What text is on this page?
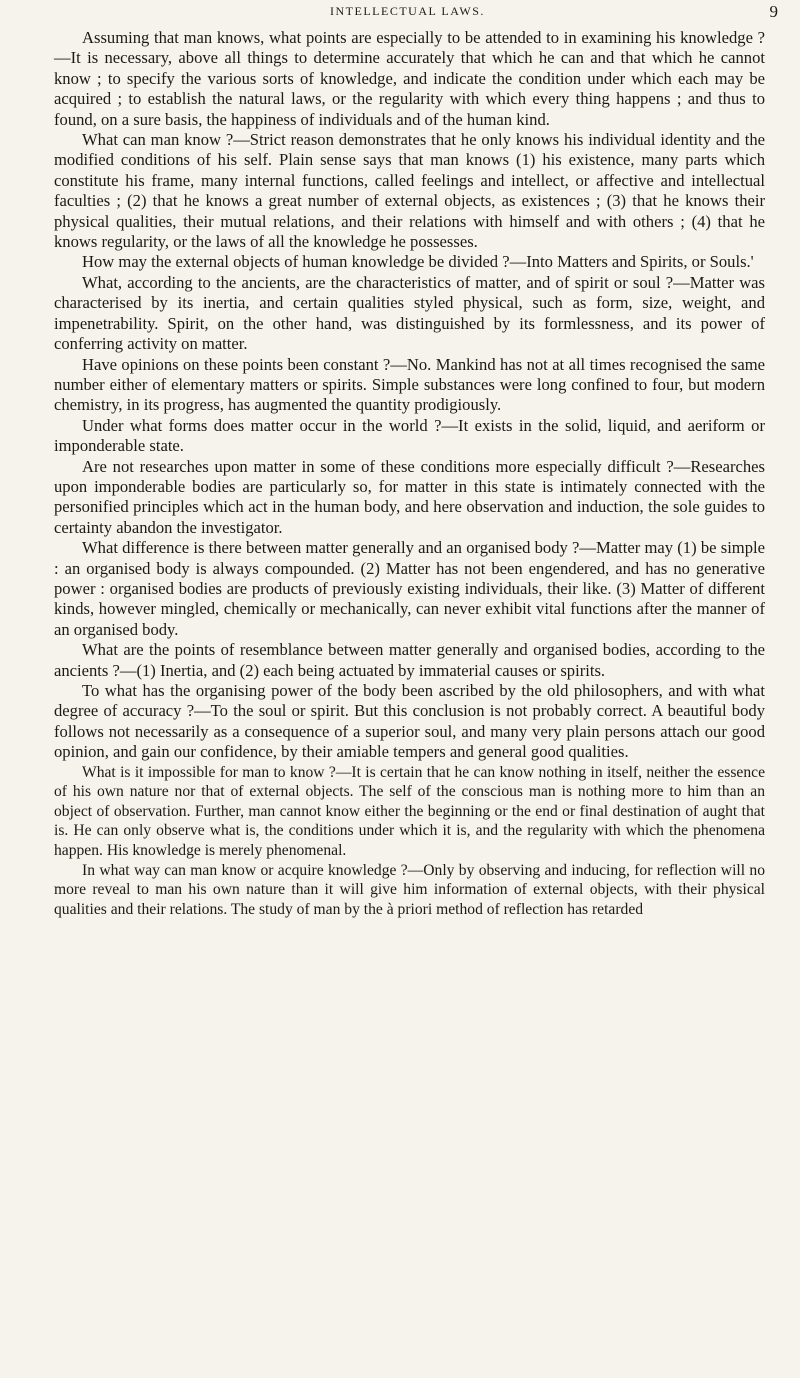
INTELLECTUAL LAWS.	9

Assuming that man knows, what points are especially to be attended to in examining his knowledge ?—It is necessary, above all things to determine accurately that which he can and that which he cannot know ; to specify the various sorts of knowledge, and indicate the condition under which each may be acquired ; to establish the natural laws, or the regularity with which every thing happens ; and thus to found, on a sure basis, the happiness of individuals and of the human kind.

What can man know ?—Strict reason demonstrates that he only knows his individual identity and the modified conditions of his self. Plain sense says that man knows (1) his existence, many parts which constitute his frame, many internal functions, called feelings and intellect, or affective and intellectual faculties ; (2) that he knows a great number of external objects, as existences ; (3) that he knows their physical qualities, their mutual relations, and their relations with himself and with others ; (4) that he knows regularity, or the laws of all the knowledge he possesses.

How may the external objects of human knowledge be divided ?—Into Matters and Spirits, or Souls.'

What, according to the ancients, are the characteristics of matter, and of spirit or soul ?—Matter was characterised by its inertia, and certain qualities styled physical, such as form, size, weight, and impenetrability. Spirit, on the other hand, was distinguished by its formlessness, and its power of conferring activity on matter.

Have opinions on these points been constant ?—No. Mankind has not at all times recognised the same number either of elementary matters or spirits. Simple substances were long confined to four, but modern chemistry, in its progress, has augmented the quantity prodigiously.

Under what forms does matter occur in the world ?—It exists in the solid, liquid, and aeriform or imponderable state.

Are not researches upon matter in some of these conditions more especially difficult ?—Researches upon imponderable bodies are particularly so, for matter in this state is intimately connected with the personified principles which act in the human body, and here observation and induction, the sole guides to certainty abandon the investigator.

What difference is there between matter generally and an organised body ?—Matter may (1) be simple : an organised body is always compounded. (2) Matter has not been engendered, and has no generative power : organised bodies are products of previously existing individuals, their like. (3) Matter of different kinds, however mingled, chemically or mechanically, can never exhibit vital functions after the manner of an organised body.

What are the points of resemblance between matter generally and organised bodies, according to the ancients ?—(1) Inertia, and (2) each being actuated by immaterial causes or spirits.

To what has the organising power of the body been ascribed by the old philosophers, and with what degree of accuracy ?—To the soul or spirit. But this conclusion is not probably correct. A beautiful body follows not necessarily as a consequence of a superior soul, and many very plain persons attach our good opinion, and gain our confidence, by their amiable tempers and general good qualities.

What is it impossible for man to know ?—It is certain that he can know nothing in itself, neither the essence of his own nature nor that of external objects. The self of the conscious man is nothing more to him than an object of observation. Further, man cannot know either the beginning or the end or final destination of aught that is. He can only observe what is, the conditions under which it is, and the regularity with which the phenomena happen. His knowledge is merely phenomenal.

In what way can man know or acquire knowledge ?—Only by observing and inducing, for reflection will no more reveal to man his own nature than it will give him information of external objects, with their physical qualities and their relations. The study of man by the à priori method of reflection has retarded
